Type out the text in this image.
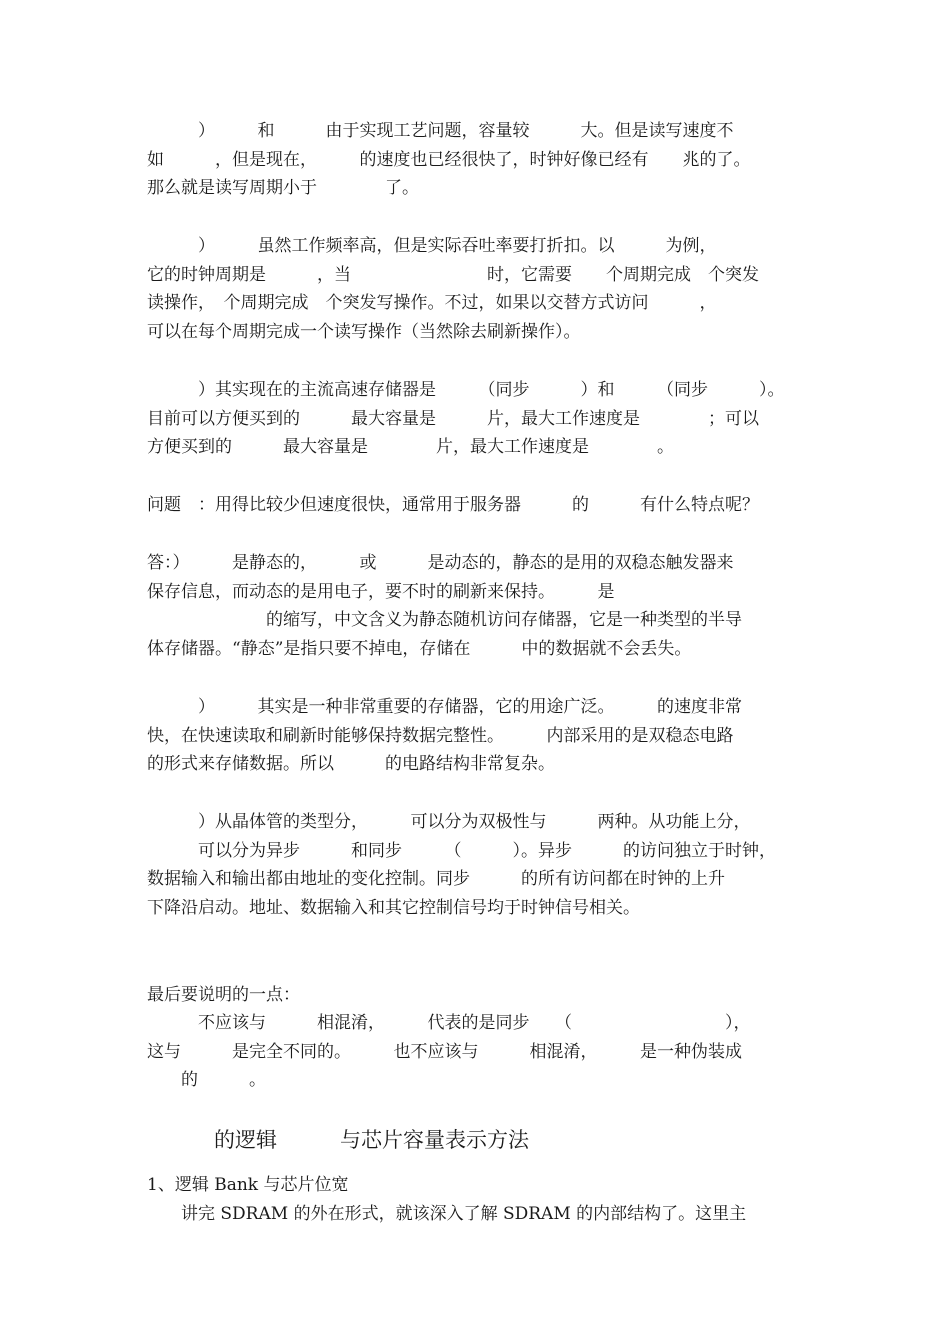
　　　）　　　和　　　由于实现工艺问题，容量较　　　大。但是读写速度不

如　　　，但是现在，　　　的速度也已经很快了，时钟好像已经有　　兆的了。

那么就是读写周期小于　　　　了。

　　　）　　　虽然工作频率高，但是实际吞吐率要打折扣。以　　　为例，

它的时钟周期是　　　，当　　　　　　　　时，它需要　　个周期完成　个突发

读操作，　个周期完成　个突发写操作。不过，如果以交替方式访问　　　，

可以在每个周期完成一个读写操作（当然除去刷新操作）。

　　　）其实现在的主流高速存储器是　　　（同步　　　）和　　　（同步　　　）。

目前可以方便买到的　　　最大容量是　　　片，最大工作速度是　　　　；可以

方便买到的　　　最大容量是　　　　片，最大工作速度是　　　　。

问题　：用得比较少但速度很快，通常用于服务器　　　的　　　有什么特点呢？

答：）　　　是静态的，　　　或　　　是动态的，静态的是用的双稳态触发器来

保存信息，而动态的是用电子，要不时的刷新来保持。　　　是

　　　　　　　的缩写，中文含义为静态随机访问存储器，它是一种类型的半导

体存储器。“静态”是指只要不掉电，存储在　　　中的数据就不会丢失。

　　　）　　　其实是一种非常重要的存储器，它的用途广泛。　　　的速度非常

快，在快速读取和刷新时能够保持数据完整性。　　　内部采用的是双稳态电路

的形式来存储数据。所以　　　的电路结构非常复杂。

　　　）从晶体管的类型分，　　　可以分为双极性与　　　两种。从功能上分，

　　　可以分为异步　　　和同步　　　（　　　）。异步　　　的访问独立于时钟，

数据输入和输出都由地址的变化控制。同步　　　的所有访问都在时钟的上升

下降沿启动。地址、数据输入和其它控制信号均于时钟信号相关。

最后要说明的一点：

　　　不应该与　　　相混淆，　　　代表的是同步　　（　　　　　　　　　），

这与　　　是完全不同的。　　　也不应该与　　　相混淆，　　　是一种伪装成

　　的　　　。

　　　　的逻辑　　　与芯片容量表示方法

1、逻辑 Bank 与芯片位宽

　　讲完 SDRAM 的外在形式，就该深入了解 SDRAM 的内部结构了。这里主
